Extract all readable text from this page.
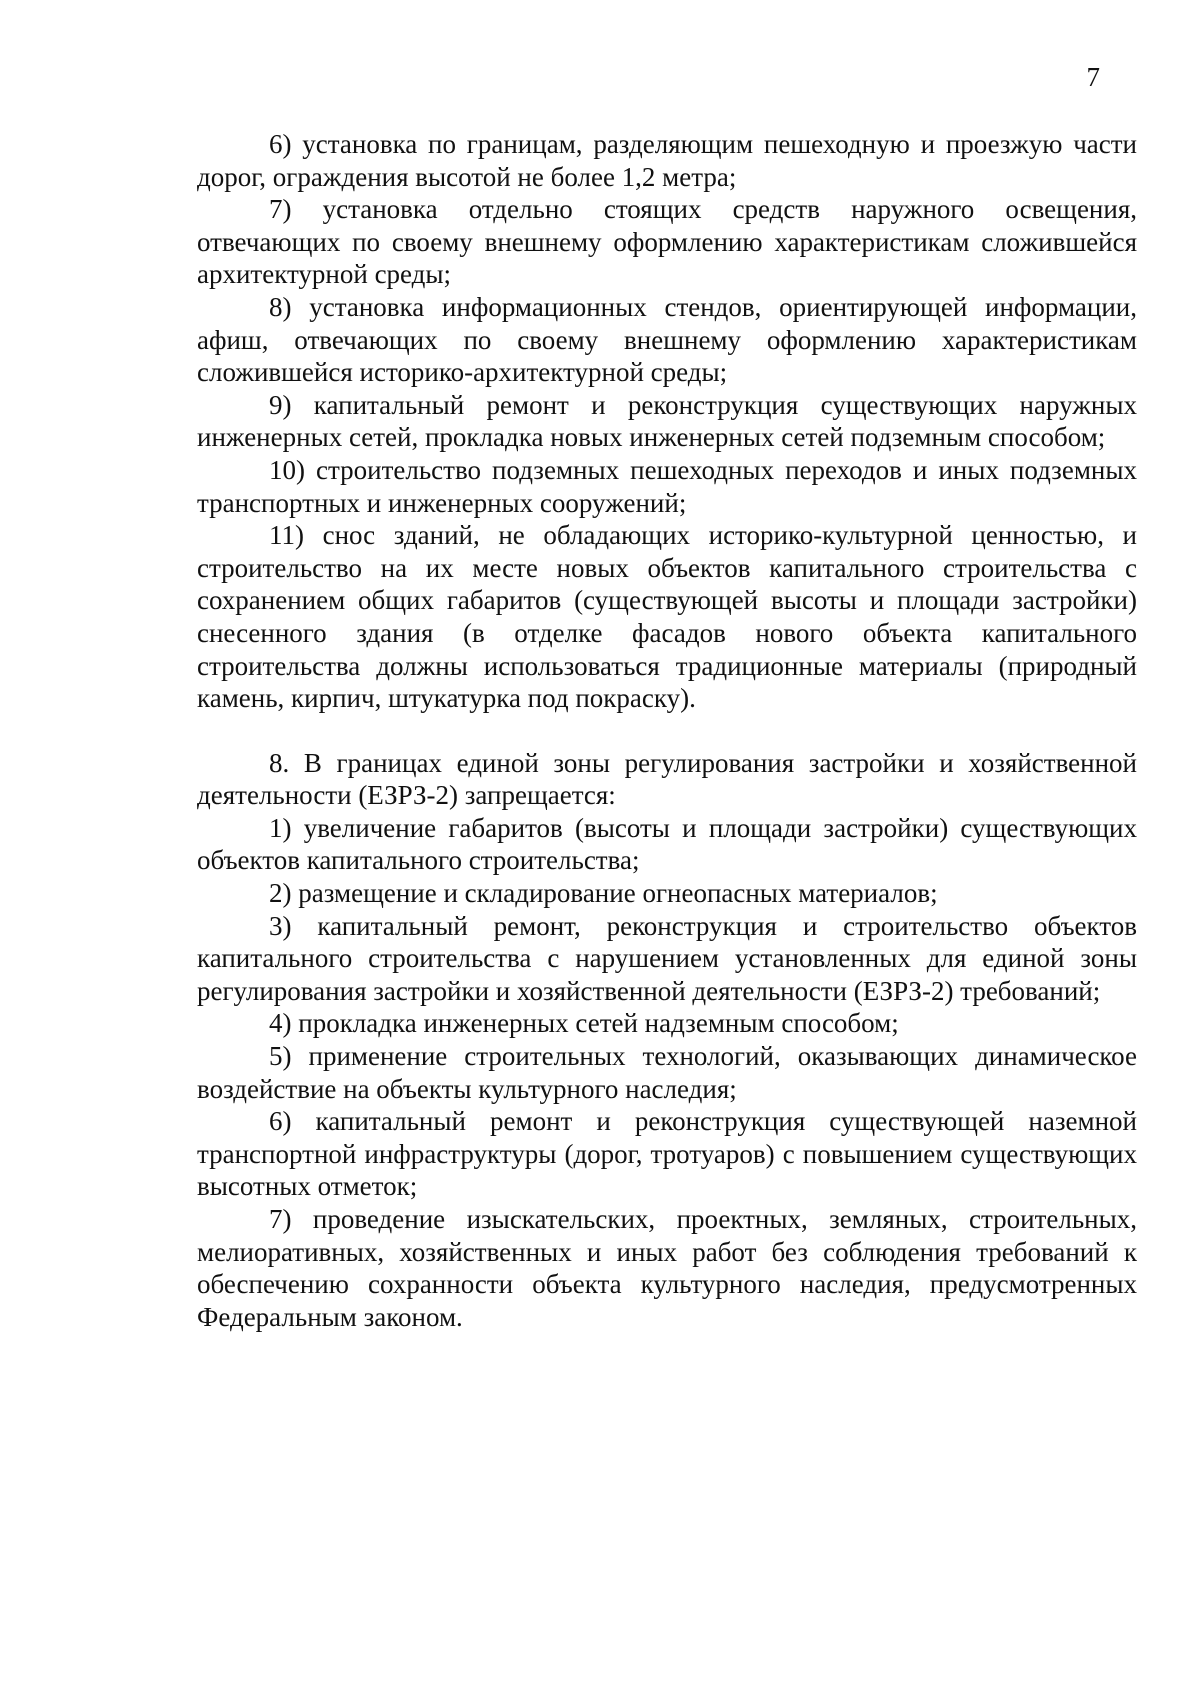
7

6) установка по границам, разделяющим пешеходную и проезжую части дорог, ограждения высотой не более 1,2 метра;

7) установка отдельно стоящих средств наружного освещения, отвечающих по своему внешнему оформлению характеристикам сложившейся архитектурной среды;

8) установка информационных стендов, ориентирующей информации, афиш, отвечающих по своему внешнему оформлению характеристикам сложившейся историко-архитектурной среды;

9) капитальный ремонт и реконструкция существующих наружных инженерных сетей, прокладка новых инженерных сетей подземным способом;

10) строительство подземных пешеходных переходов и иных подземных транспортных и инженерных сооружений;

11) снос зданий, не обладающих историко-культурной ценностью, и строительство на их месте новых объектов капитального строительства с сохранением общих габаритов (существующей высоты и площади застройки) снесенного здания (в отделке фасадов нового объекта капитального строительства должны использоваться традиционные материалы (природный камень, кирпич, штукатурка под покраску).

8. В границах единой зоны регулирования застройки и хозяйственной деятельности (ЕЗРЗ-2) запрещается:

1) увеличение габаритов (высоты и площади застройки) существующих объектов капитального строительства;

2) размещение и складирование огнеопасных материалов;

3) капитальный ремонт, реконструкция и строительство объектов капитального строительства с нарушением установленных для единой зоны регулирования застройки и хозяйственной деятельности (ЕЗРЗ-2) требований;

4) прокладка инженерных сетей надземным способом;

5) применение строительных технологий, оказывающих динамическое воздействие на объекты культурного наследия;

6) капитальный ремонт и реконструкция существующей наземной транспортной инфраструктуры (дорог, тротуаров) с повышением существующих высотных отметок;

7) проведение изыскательских, проектных, земляных, строительных, мелиоративных, хозяйственных и иных работ без соблюдения требований к обеспечению сохранности объекта культурного наследия, предусмотренных Федеральным законом.
